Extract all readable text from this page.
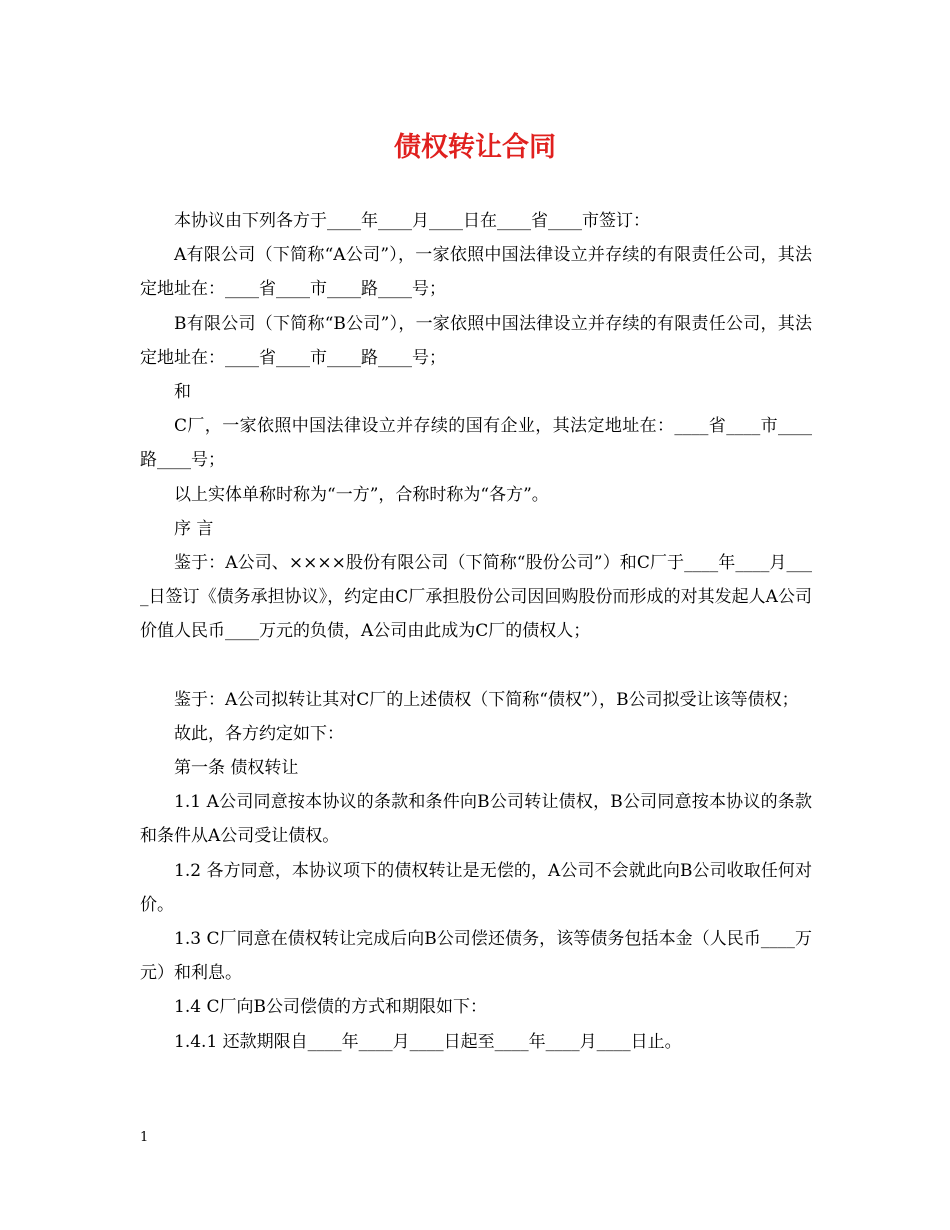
债权转让合同

本协议由下列各方于____年____月____日在____省____市签订：

A有限公司（下简称“A公司”），一家依照中国法律设立并存续的有限责任公司，其法定地址在：____省____市____路____号；

B有限公司（下简称“B公司”），一家依照中国法律设立并存续的有限责任公司，其法定地址在：____省____市____路____号；

和

C厂，一家依照中国法律设立并存续的国有企业，其法定地址在：____省____市____路____号；

以上实体单称时称为“一方”，合称时称为“各方”。

序 言

鉴于：A公司、××××股份有限公司（下简称“股份公司”）和C厂于____年____月____日签订《债务承担协议》，约定由C厂承担股份公司因回购股份而形成的对其发起人A公司价值人民币____万元的负债，A公司由此成为C厂的债权人；

鉴于：A公司拟转让其对C厂的上述债权（下简称“债权”），B公司拟受让该等债权；

故此，各方约定如下：

第一条 债权转让

1.1 A公司同意按本协议的条款和条件向B公司转让债权，B公司同意按本协议的条款和条件从A公司受让债权。

1.2 各方同意，本协议项下的债权转让是无偿的，A公司不会就此向B公司收取任何对价。

1.3 C厂同意在债权转让完成后向B公司偿还债务，该等债务包括本金（人民币____万元）和利息。

1.4 C厂向B公司偿债的方式和期限如下：

1.4.1 还款期限自____年____月____日起至____年____月____日止。

1
